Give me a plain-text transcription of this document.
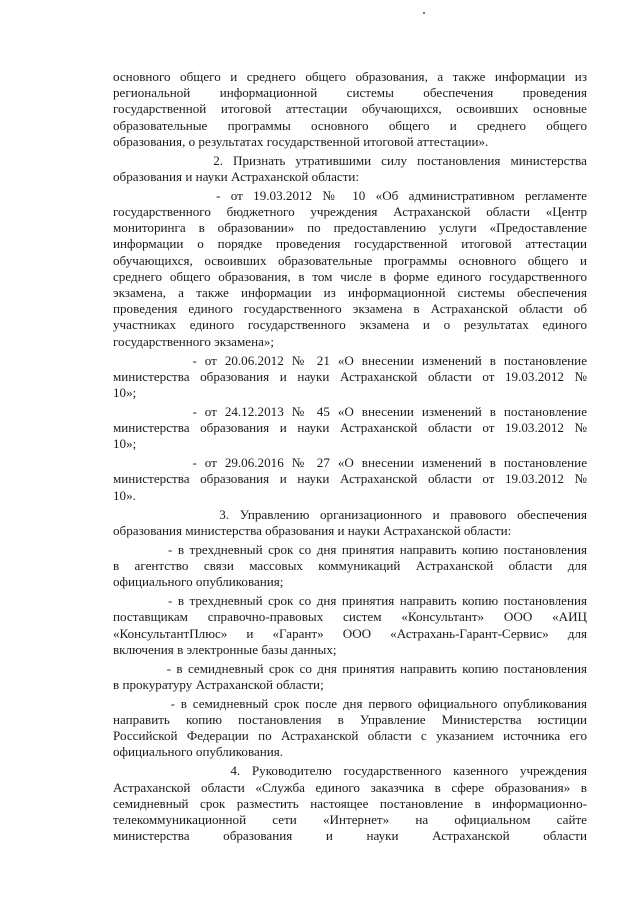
основного общего и среднего общего образования, а также информации из
региональной информационной системы обеспечения проведения
государственной итоговой аттестации обучающихся, освоивших основные
образовательные программы основного общего и среднего общего
образования, о результатах государственной итоговой аттестации».
2. Признать утратившими силу постановления министерства
образования и науки Астраханской области:
- от 19.03.2012 № 10 «Об административном регламенте
государственного бюджетного учреждения Астраханской области «Центр
мониторинга в образовании» по предоставлению услуги «Предоставление
информации о порядке проведения государственной итоговой аттестации
обучающихся, освоивших образовательные программы основного общего и
среднего общего образования, в том числе в форме единого государственного
экзамена, а также информации из информационной системы обеспечения
проведения единого государственного экзамена в Астраханской области об
участниках единого государственного экзамена и о результатах единого
государственного экзамена»;
- от 20.06.2012 № 21 «О внесении изменений в постановление
министерства образования и науки Астраханской области от 19.03.2012 №
10»;
- от 24.12.2013 № 45 «О внесении изменений в постановление
министерства образования и науки Астраханской области от 19.03.2012 №
10»;
- от 29.06.2016 № 27 «О внесении изменений в постановление
министерства образования и науки Астраханской области от 19.03.2012 №
10».
3. Управлению организационного и правового обеспечения
образования министерства образования и науки Астраханской области:
- в трехдневный срок со дня принятия направить копию постановления
в агентство связи массовых коммуникаций Астраханской области для
официального опубликования;
- в трехдневный срок со дня принятия направить копию постановления
поставщикам справочно-правовых систем «Консультант» ООО «АИЦ
«КонсультантПлюс» и «Гарант» ООО «Астрахань-Гарант-Сервис» для
включения в электронные базы данных;
- в семидневный срок со дня принятия направить копию постановления
в прокуратуру Астраханской области;
- в семидневный срок после дня первого официального опубликования
направить копию постановления в Управление Министерства юстиции
Российской Федерации по Астраханской области с указанием источника его
официального опубликования.
4. Руководителю государственного казенного учреждения
Астраханской области «Служба единого заказчика в сфере образования» в
семидневный срок разместить настоящее постановление в информационно-
телекоммуникационной сети «Интернет» на официальном сайте
министерства образования и науки Астраханской области
